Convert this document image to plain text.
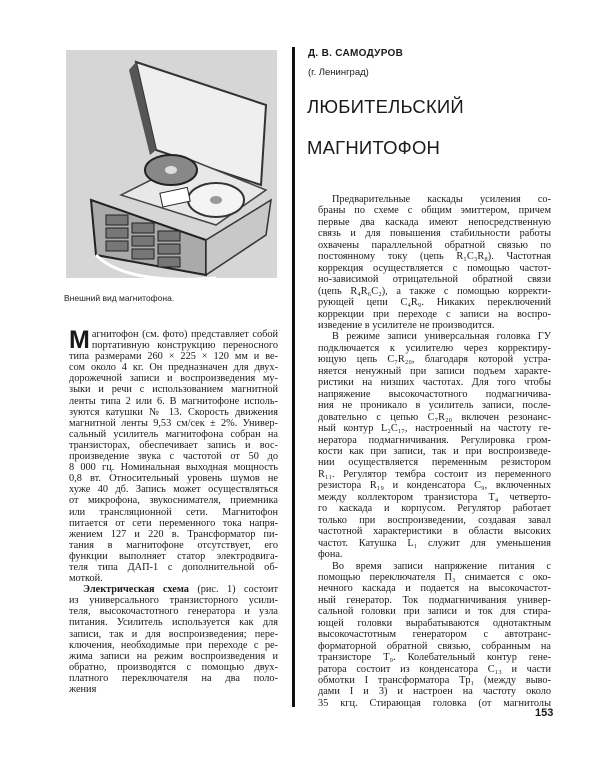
Внешний вид магнитофона.
Д. В. САМОДУРОВ
(г. Ленинград)
ЛЮБИТЕЛЬСКИЙ
МАГНИТОФОН
М агнитофон (см. фото) представляет собой
портативную конструкцию переносного
типа размерами 260 × 225 × 120 мм и ве-
сом около 4 кг. Он предназначен для двух-
дорожечной записи и воспроизведения му-
зыки и речи с использованием магнитной
ленты типа 2 или 6. В магнитофоне исполь-
зуются катушки № 13. Скорость движения
магнитной ленты 9,53 см/сек ± 2%. Универ-
сальный усилитель магнитофона собран на
транзисторах, обеспечивает запись и вос-
произведение звука с частотой от 50 до
8 000 гц. Номинальная выходная мощность
0,8 вт. Относительный уровень шумов не
хуже 40 дб. Запись может осуществляться
от микрофона, звукоснимателя, приемника
или трансляционной сети. Магнитофон
питается от сети переменного тока напря-
жением 127 и 220 в. Трансформатор пи-
тания в магнитофоне отсутствует, его
функции выполняет статор электродвига-
теля типа ДАП-1 с дополнительной об-
моткой.
Электрическая схема (рис. 1) состоит
из универсального транзисторного усили-
теля, высокочастотного генератора и узла
питания. Усилитель используется как для
записи, так и для воспроизведения; пере-
ключения, необходимые при переходе с ре-
жима записи на режим воспроизведения и
обратно, производятся с помощью двух-
платного переключателя на два поло-
жения
Предварительные каскады усиления со-
браны по схеме с общим эмиттером, причем
первые два каскада имеют непосредственную
связь и для повышения стабильности работы
охвачены параллельной обратной связью по
постоянному току (цепь R₁C₃R₈). Частотная
коррекция осуществляется с помощью частот-
но-зависимой отрицательной обратной связи
(цепь R₄R₆C₂), а также с помощью корректи-
рующей цепи C₄R₉. Никаких переключений
коррекции при переходе с записи на воспро-
изведение в усилителе не производится.
В режиме записи универсальная головка ГУ
подключается к усилителю через корректиру-
ющую цепь C₇R₂₀, благодаря которой устра-
няется ненужный при записи подъем характе-
ристики на низших частотах. Для того чтобы
напряжение высокочастотного подмагничива-
ния не проникало в усилитель записи, после-
довательно с цепью C₇R₂₀ включен резонанс-
ный контур L₂C₁₇, настроенный на частоту ге-
нератора подмагничивания. Регулировка гром-
кости как при записи, так и при воспроизведе-
нии осуществляется переменным резистором
R₁₁. Регулятор тембра состоит из переменного
резистора R₁₉ и конденсатора C₉, включенных
между коллектором транзистора T₄ четверто-
го каскада и корпусом. Регулятор работает
только при воспроизведении, создавая завал
частотной характеристики в области высоких
частот. Катушка L₁ служит для уменьшения
фона.
Во время записи напряжение питания с
помощью переключателя П₃ снимается с око-
нечного каскада и подается на высокочастот-
ный генератор. Ток подмагничивания универ-
сальной головки при записи и ток для стира-
ющей головки вырабатываются однотактным
высокочастотным генератором с автотранс-
форматорной обратной связью, собранным на
транзисторе T₉. Колебательный контур гене-
ратора состоит из конденсатора C₁₃ и части
обмотки I трансформатора Tp₁ (между выво-
дами I и 3) и настроен на частоту около
35 кгц. Стирающая головка (от магнитолы
153
